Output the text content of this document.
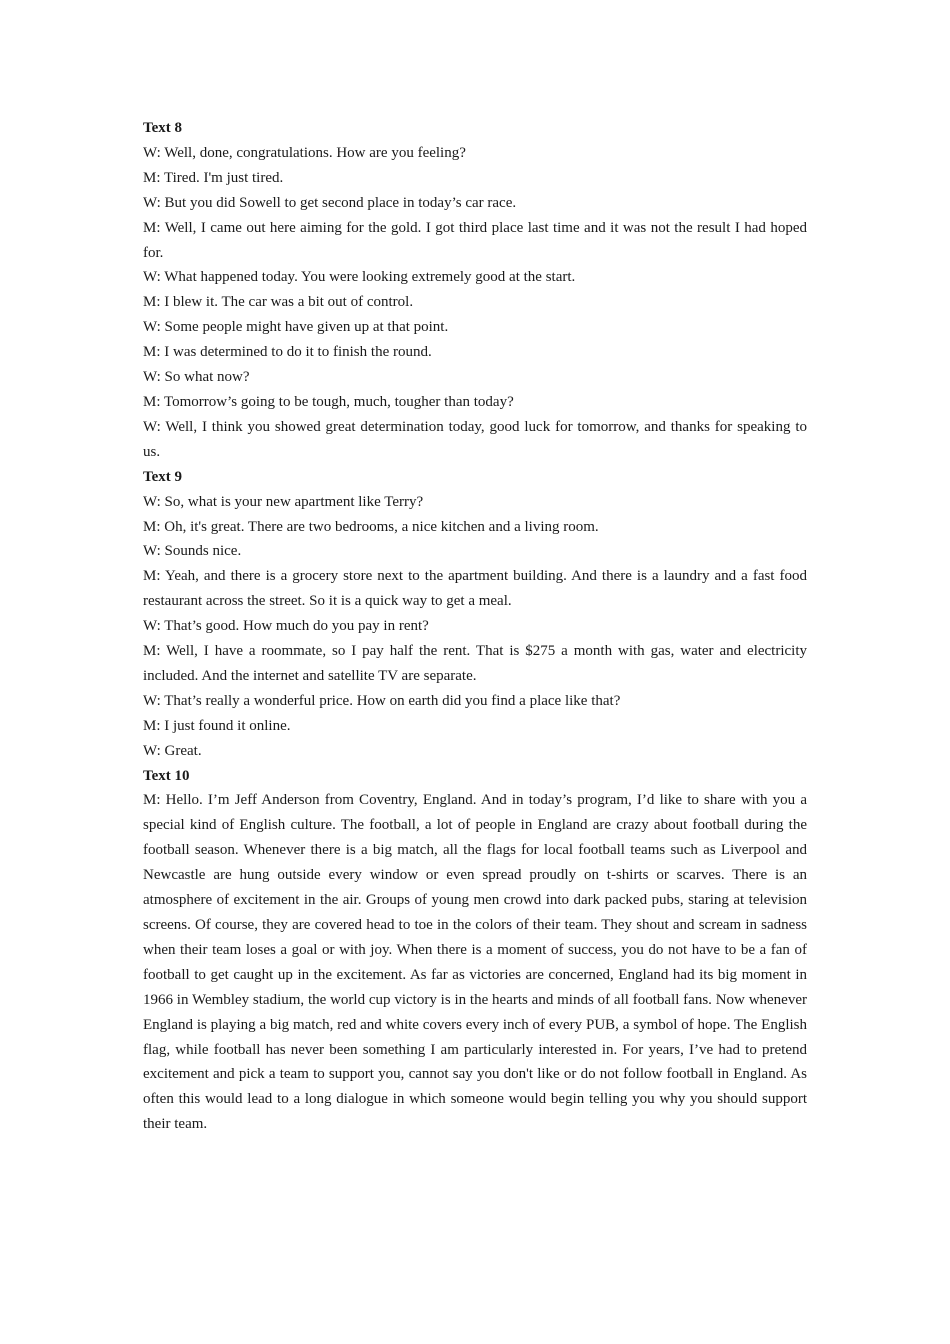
Text 8

W : Well, done, congratulations. How are you feeling?

M : Tired. I'm just tired.

W : But you did Sowell to get second place in today’s car race.

M : Well, I came out here aiming for the gold. I got third place last time and it was not the result I had hoped for.

W : What happened today. You were looking extremely good at the start.

M : I blew it. The car was a bit out of control.

W : Some people might have given up at that point.

M : I was determined to do it to finish the round.

W : So what now?

M : Tomorrow’s going to be tough, much, tougher than today?

W : Well, I think you showed great determination today, good luck for tomorrow, and thanks for speaking to us.

Text 9

W : So, what is your new apartment like Terry?

M : Oh, it's great. There are two bedrooms, a nice kitchen and a living room.

W : Sounds nice.

M : Yeah, and there is a grocery store next to the apartment building. And there is a laundry and a fast food restaurant across the street. So it is a quick way to get a meal.

W : That’s good. How much do you pay in rent?

M : Well, I have a roommate, so I pay half the rent. That is $275 a month with gas, water and electricity included. And the internet and satellite TV are separate.

W : That’s really a wonderful price. How on earth did you find a place like that?

M : I just found it online.

W : Great.

Text 10

M : Hello. I’m Jeff Anderson from Coventry, England. And in today’s program, I’d like to share with you a special kind of English culture. The football, a lot of people in England are crazy about football during the football season. Whenever there is a big match, all the flags for local football teams such as Liverpool and Newcastle are hung outside every window or even spread proudly on t-shirts or scarves. There is an atmosphere of excitement in the air. Groups of young men crowd into dark packed pubs, staring at television screens. Of course, they are covered head to toe in the colors of their team. They shout and scream in sadness when their team loses a goal or with joy. When there is a moment of success, you do not have to be a fan of football to get caught up in the excitement. As far as victories are concerned, England had its big moment in 1966 in Wembley stadium, the world cup victory is in the hearts and minds of all football fans. Now whenever England is playing a big match, red and white covers every inch of every PUB, a symbol of hope. The English flag, while football has never been something I am particularly interested in. For years, I’ve had to pretend excitement and pick a team to support you, cannot say you don't like or do not follow football in England. As often this would lead to a long dialogue in which someone would begin telling you why you should support their team.
